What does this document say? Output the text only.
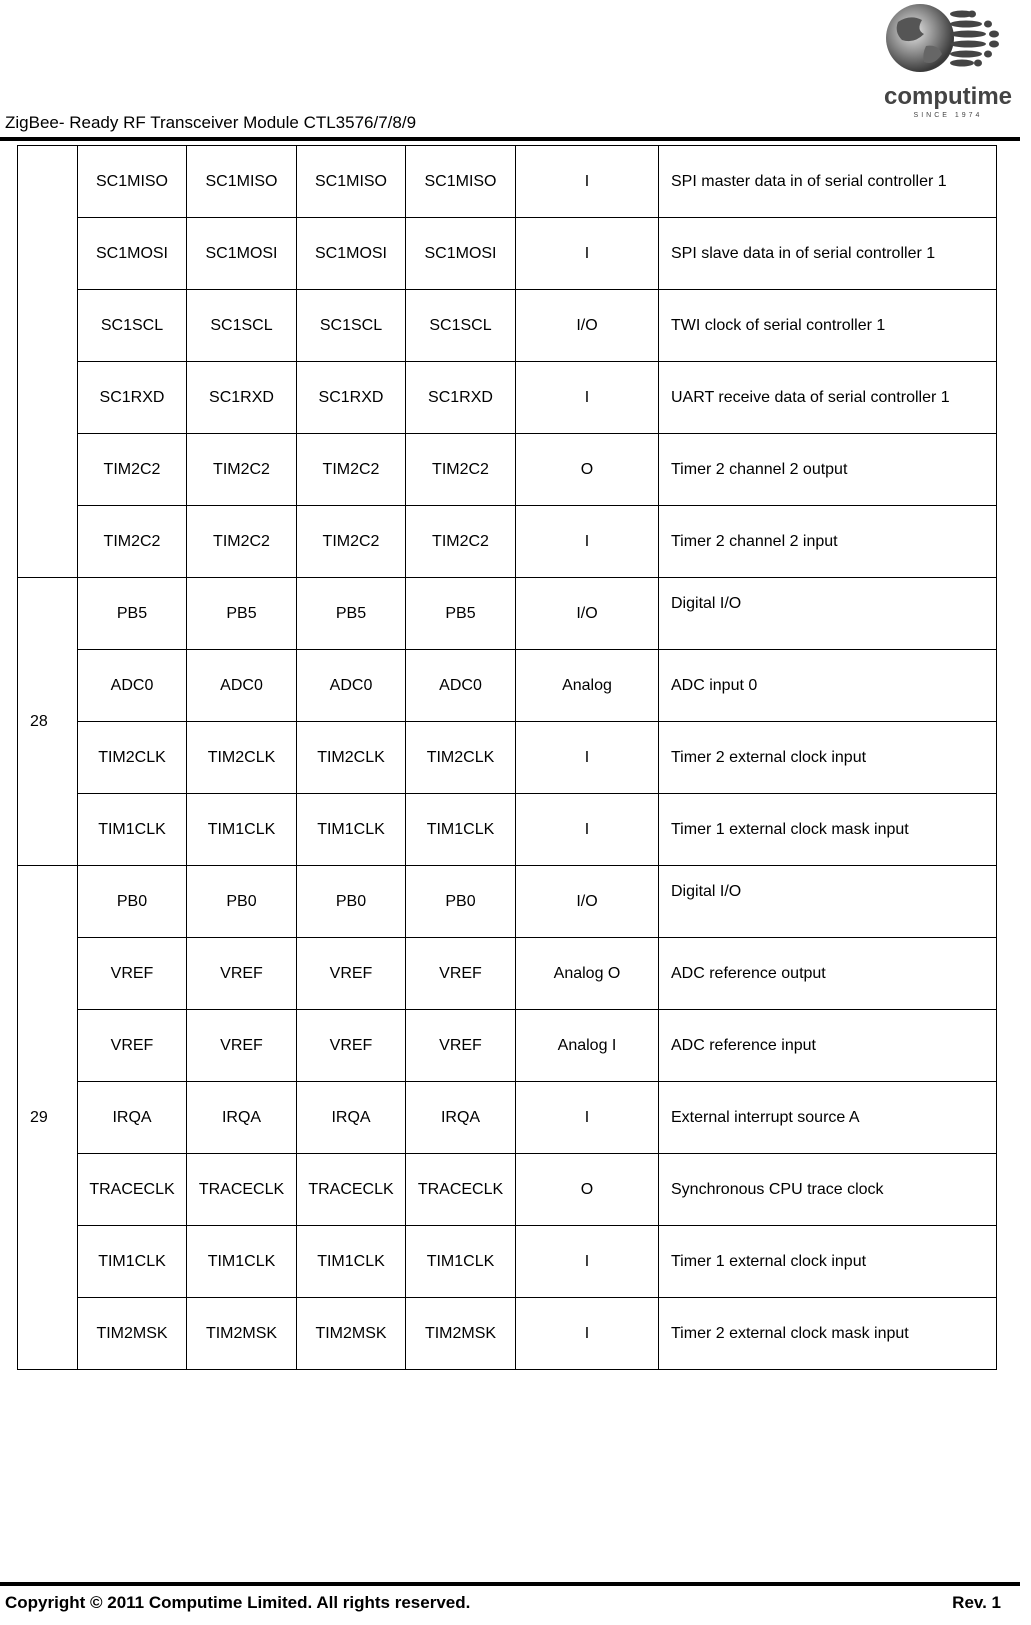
ZigBee- Ready RF Transceiver Module CTL3576/7/8/9
computime
SINCE 1974
	SC1MISO	SC1MISO	SC1MISO	SC1MISO	I	SPI master data in of serial controller 1
	SC1MOSI	SC1MOSI	SC1MOSI	SC1MOSI	I	SPI slave data in of serial controller 1
	SC1SCL	SC1SCL	SC1SCL	SC1SCL	I/O	TWI clock of serial controller 1
	SC1RXD	SC1RXD	SC1RXD	SC1RXD	I	UART receive data of serial controller 1
	TIM2C2	TIM2C2	TIM2C2	TIM2C2	O	Timer 2 channel 2 output
	TIM2C2	TIM2C2	TIM2C2	TIM2C2	I	Timer 2 channel 2 input
28	PB5	PB5	PB5	PB5	I/O	Digital I/O
	ADC0	ADC0	ADC0	ADC0	Analog	ADC input 0
	TIM2CLK	TIM2CLK	TIM2CLK	TIM2CLK	I	Timer 2 external clock input
	TIM1CLK	TIM1CLK	TIM1CLK	TIM1CLK	I	Timer 1 external clock mask input
29	PB0	PB0	PB0	PB0	I/O	Digital I/O
	VREF	VREF	VREF	VREF	Analog O	ADC reference output
	VREF	VREF	VREF	VREF	Analog I	ADC reference input
	IRQA	IRQA	IRQA	IRQA	I	External interrupt source A
	TRACECLK	TRACECLK	TRACECLK	TRACECLK	O	Synchronous CPU trace clock
	TIM1CLK	TIM1CLK	TIM1CLK	TIM1CLK	I	Timer 1 external clock input
	TIM2MSK	TIM2MSK	TIM2MSK	TIM2MSK	I	Timer 2 external clock mask input
Copyright © 2011 Computime Limited. All rights reserved.	Rev. 1
